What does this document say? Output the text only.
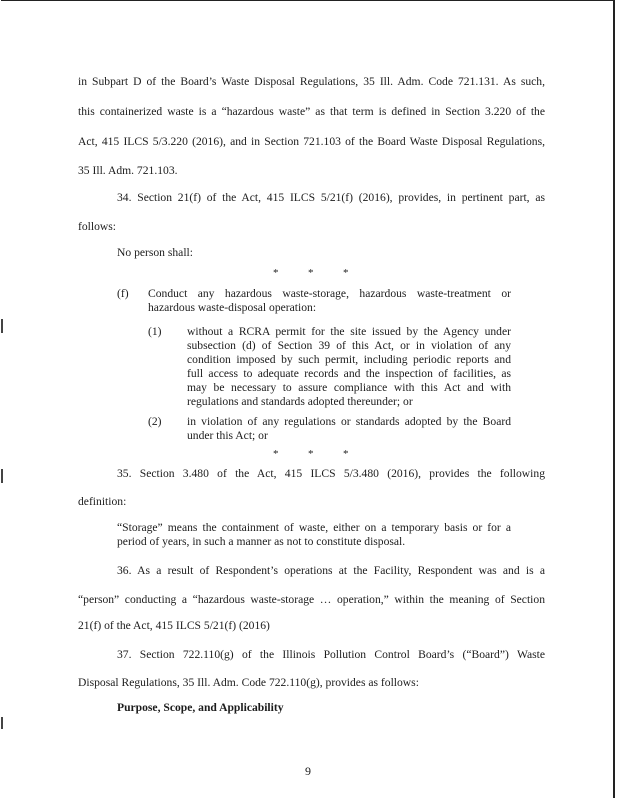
in Subpart D of the Board’s Waste Disposal Regulations, 35 Ill. Adm. Code 721.131. As such,

this containerized waste is a “hazardous waste” as that term is defined in Section 3.220 of the

Act, 415 ILCS 5/3.220 (2016), and in Section 721.103 of the Board Waste Disposal Regulations,

35 Ill. Adm. 721.103.

34. Section 21(f) of the Act, 415 ILCS 5/21(f) (2016), provides, in pertinent part, as

follows:

No person shall:

*	*	*

(f) Conduct any hazardous waste-storage, hazardous waste-treatment or

hazardous waste-disposal operation:

(1) without a RCRA permit for the site issued by the Agency under

subsection (d) of Section 39 of this Act, or in violation of any

condition imposed by such permit, including periodic reports and

full access to adequate records and the inspection of facilities, as

may be necessary to assure compliance with this Act and with

regulations and standards adopted thereunder; or

(2) in violation of any regulations or standards adopted by the Board

under this Act; or

*	*	*

35. Section 3.480 of the Act, 415 ILCS 5/3.480 (2016), provides the following

definition:

“Storage” means the containment of waste, either on a temporary basis or for a

period of years, in such a manner as not to constitute disposal.

36. As a result of Respondent’s operations at the Facility, Respondent was and is a

“person” conducting a “hazardous waste-storage … operation,” within the meaning of Section

21(f) of the Act, 415 ILCS 5/21(f) (2016)

37. Section 722.110(g) of the Illinois Pollution Control Board’s (“Board”) Waste

Disposal Regulations, 35 Ill. Adm. Code 722.110(g), provides as follows:

Purpose, Scope, and Applicability

9
